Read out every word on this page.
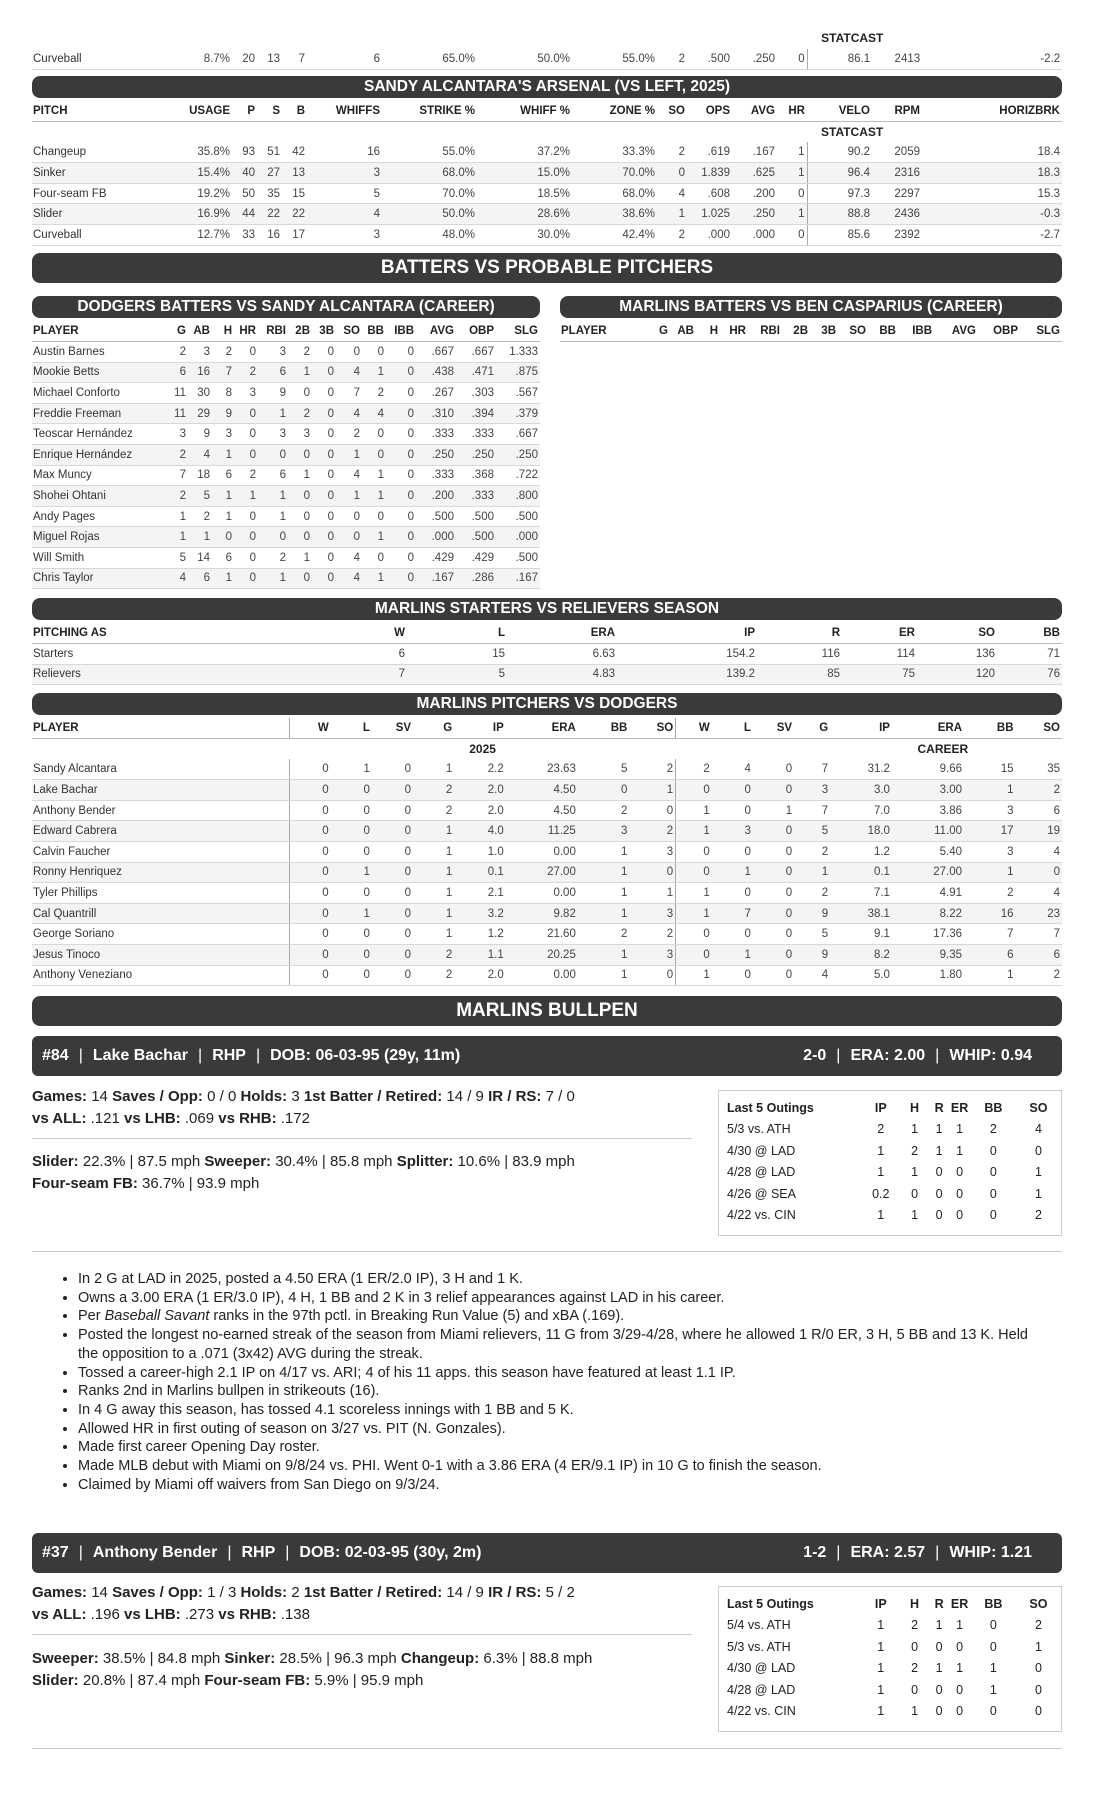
													STATCAST		
Curveball	8.7%	20	13	7	6	65.0%	50.0%	55.0%	2	.500	.250	0	86.1	2413	-2.2
SANDY ALCANTARA'S ARSENAL (VS LEFT, 2025)
													STATCAST		
PITCH	USAGE	P	S	B	WHIFFS	STRIKE %	WHIFF %	ZONE %	SO	OPS	AVG	HR	VELO	RPM	HORIZBRK
Changeup	35.8%	93	51	42	16	55.0%	37.2%	33.3%	2	.619	.167	1	90.2	2059	18.4
Sinker	15.4%	40	27	13	3	68.0%	15.0%	70.0%	0	1.839	.625	1	96.4	2316	18.3
Four-seam FB	19.2%	50	35	15	5	70.0%	18.5%	68.0%	4	.608	.200	0	97.3	2297	15.3
Slider	16.9%	44	22	22	4	50.0%	28.6%	38.6%	1	1.025	.250	1	88.8	2436	-0.3
Curveball	12.7%	33	16	17	3	48.0%	30.0%	42.4%	2	.000	.000	0	85.6	2392	-2.7
BATTERS VS PROBABLE PITCHERS
DODGERS BATTERS VS SANDY ALCANTARA (CAREER)
PLAYER	G	AB	H	HR	RBI	2B	3B	SO	BB	IBB	AVG	OBP	SLG
Austin Barnes	2	3	2	0	3	2	0	0	0	0	.667	.667	1.333
Mookie Betts	6	16	7	2	6	1	0	4	1	0	.438	.471	.875
Michael Conforto	11	30	8	3	9	0	0	7	2	0	.267	.303	.567
Freddie Freeman	11	29	9	0	1	2	0	4	4	0	.310	.394	.379
Teoscar Hernández	3	9	3	0	3	3	0	2	0	0	.333	.333	.667
Enrique Hernández	2	4	1	0	0	0	0	1	0	0	.250	.250	.250
Max Muncy	7	18	6	2	6	1	0	4	1	0	.333	.368	.722
Shohei Ohtani	2	5	1	1	1	0	0	1	1	0	.200	.333	.800
Andy Pages	1	2	1	0	1	0	0	0	0	0	.500	.500	.500
Miguel Rojas	1	1	0	0	0	0	0	0	1	0	.000	.500	.000
Will Smith	5	14	6	0	2	1	0	4	0	0	.429	.429	.500
Chris Taylor	4	6	1	0	1	0	0	4	1	0	.167	.286	.167
MARLINS BATTERS VS BEN CASPARIUS (CAREER)
PLAYER	G	AB	H	HR	RBI	2B	3B	SO	BB	IBB	AVG	OBP	SLG
MARLINS STARTERS VS RELIEVERS SEASON
PITCHING AS	W	L	ERA	IP	R	ER	SO	BB
Starters	6	15	6.63	154.2	116	114	136	71
Relievers	7	5	4.83	139.2	85	75	120	76
MARLINS PITCHERS VS DODGERS
	2025								CAREER							
PLAYER	W	L	SV	G	IP	ERA	BB	SO	W	L	SV	G	IP	ERA	BB	SO
Sandy Alcantara	0	1	0	1	2.2	23.63	5	2	2	4	0	7	31.2	9.66	15	35
Lake Bachar	0	0	0	2	2.0	4.50	0	1	0	0	0	3	3.0	3.00	1	2
Anthony Bender	0	0	0	2	2.0	4.50	2	0	1	0	1	7	7.0	3.86	3	6
Edward Cabrera	0	0	0	1	4.0	11.25	3	2	1	3	0	5	18.0	11.00	17	19
Calvin Faucher	0	0	0	1	1.0	0.00	1	3	0	0	0	2	1.2	5.40	3	4
Ronny Henriquez	0	1	0	1	0.1	27.00	1	0	0	1	0	1	0.1	27.00	1	0
Tyler Phillips	0	0	0	1	2.1	0.00	1	1	1	0	0	2	7.1	4.91	2	4
Cal Quantrill	0	1	0	1	3.2	9.82	1	3	1	7	0	9	38.1	8.22	16	23
George Soriano	0	0	0	1	1.2	21.60	2	2	0	0	0	5	9.1	17.36	7	7
Jesus Tinoco	0	0	0	2	1.1	20.25	1	3	0	1	0	9	8.2	9.35	6	6
Anthony Veneziano	0	0	0	2	2.0	0.00	1	0	1	0	0	4	5.0	1.80	1	2
MARLINS BULLPEN
#84 | Lake Bachar | RHP | DOB: 06-03-95 (29y, 11m)	2-0 | ERA: 2.00 | WHIP: 0.94
Games: 14 Saves / Opp: 0 / 0 Holds: 3 1st Batter / Retired: 14 / 9 IR / RS: 7 / 0
vs ALL: .121 vs LHB: .069 vs RHB: .172
Slider: 22.3% | 87.5 mph Sweeper: 30.4% | 85.8 mph Splitter: 10.6% | 83.9 mph
Four-seam FB: 36.7% | 93.9 mph
Last 5 Outings	IP	H	R	ER	BB	SO
5/3 vs. ATH	2	1	1	1	2	4
4/30 @ LAD	1	2	1	1	0	0
4/28 @ LAD	1	1	0	0	0	1
4/26 @ SEA	0.2	0	0	0	0	1
4/22 vs. CIN	1	1	0	0	0	2
• In 2 G at LAD in 2025, posted a 4.50 ERA (1 ER/2.0 IP), 3 H and 1 K.
• Owns a 3.00 ERA (1 ER/3.0 IP), 4 H, 1 BB and 2 K in 3 relief appearances against LAD in his career.
• Per Baseball Savant ranks in the 97th pctl. in Breaking Run Value (5) and xBA (.169).
• Posted the longest no-earned streak of the season from Miami relievers, 11 G from 3/29-4/28, where he allowed 1 R/0 ER, 3 H, 5 BB and 13 K. Held the opposition to a .071 (3x42) AVG during the streak.
• Tossed a career-high 2.1 IP on 4/17 vs. ARI; 4 of his 11 apps. this season have featured at least 1.1 IP.
• Ranks 2nd in Marlins bullpen in strikeouts (16).
• In 4 G away this season, has tossed 4.1 scoreless innings with 1 BB and 5 K.
• Allowed HR in first outing of season on 3/27 vs. PIT (N. Gonzales).
• Made first career Opening Day roster.
• Made MLB debut with Miami on 9/8/24 vs. PHI. Went 0-1 with a 3.86 ERA (4 ER/9.1 IP) in 10 G to finish the season.
• Claimed by Miami off waivers from San Diego on 9/3/24.
#37 | Anthony Bender | RHP | DOB: 02-03-95 (30y, 2m)	1-2 | ERA: 2.57 | WHIP: 1.21
Games: 14 Saves / Opp: 1 / 3 Holds: 2 1st Batter / Retired: 14 / 9 IR / RS: 5 / 2
vs ALL: .196 vs LHB: .273 vs RHB: .138
Sweeper: 38.5% | 84.8 mph Sinker: 28.5% | 96.3 mph Changeup: 6.3% | 88.8 mph
Slider: 20.8% | 87.4 mph Four-seam FB: 5.9% | 95.9 mph
Last 5 Outings	IP	H	R	ER	BB	SO
5/4 vs. ATH	1	2	1	1	0	2
5/3 vs. ATH	1	0	0	0	0	1
4/30 @ LAD	1	2	1	1	1	0
4/28 @ LAD	1	0	0	0	1	0
4/22 vs. CIN	1	1	0	0	0	0
